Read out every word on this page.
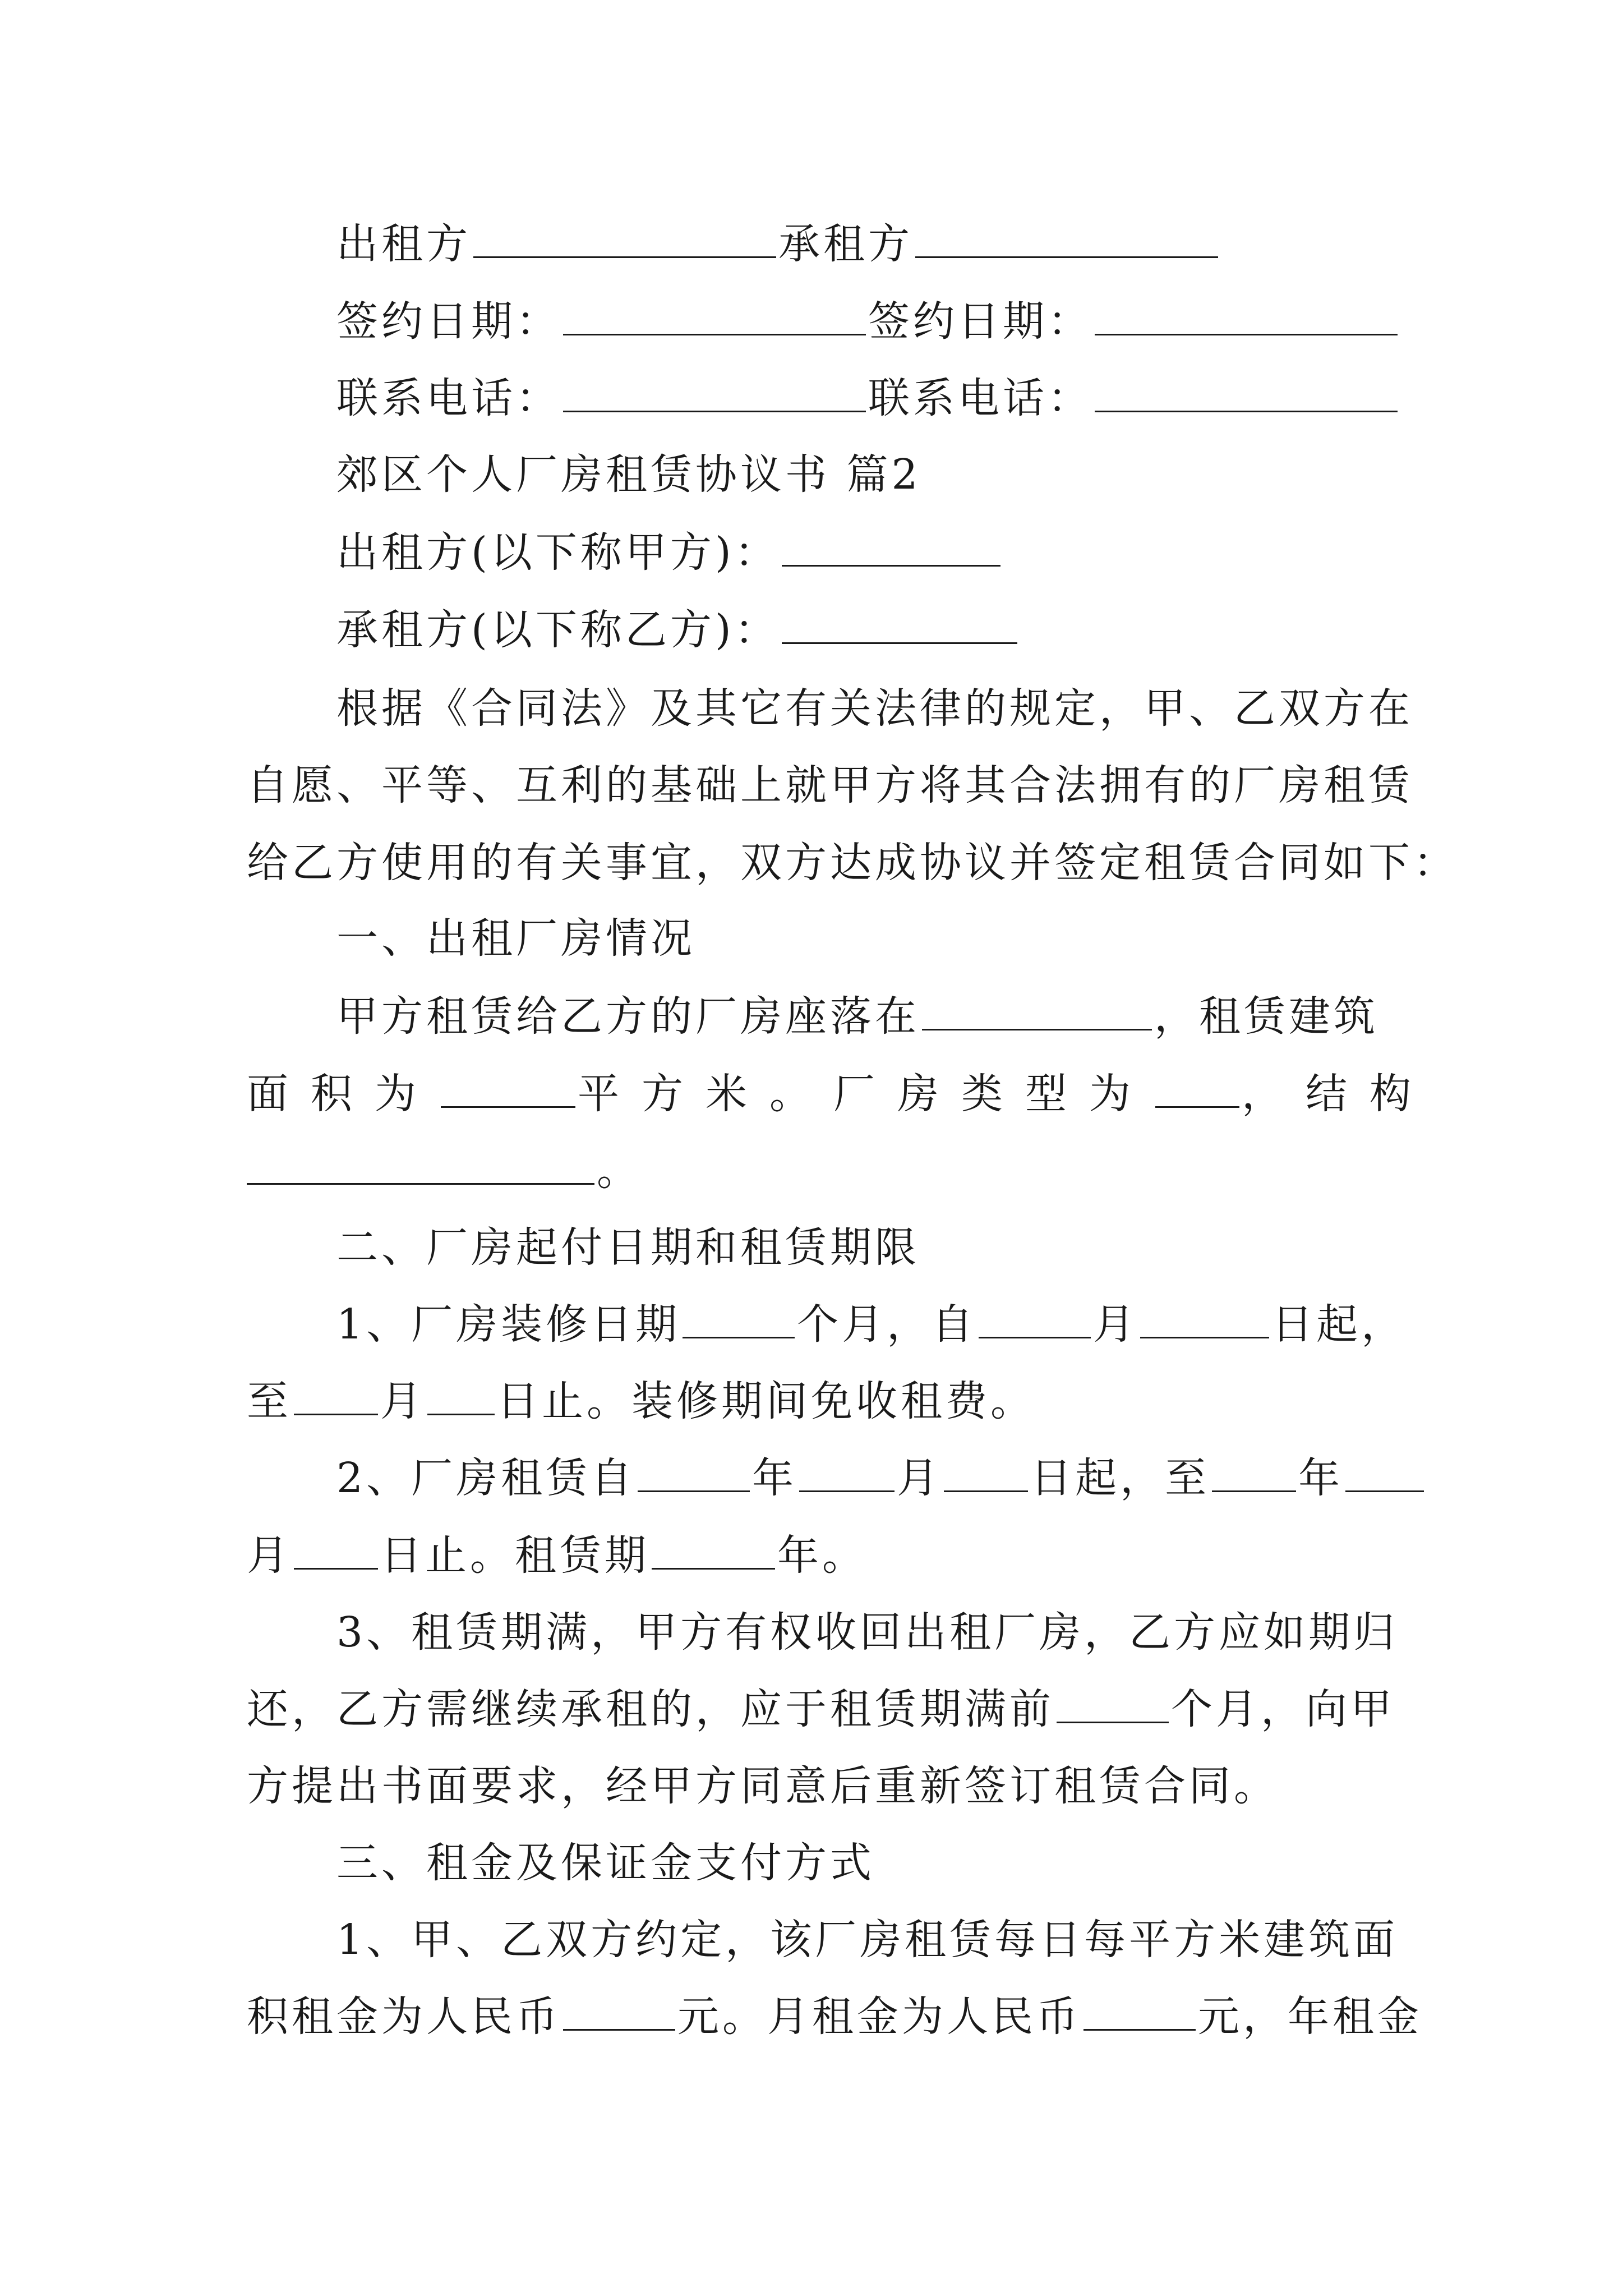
出租方	承租方
签约日期：	签约日期：
联系电话：	联系电话：
郊区个人厂房租赁协议书 篇2
出租方(以下称甲方)：
承租方(以下称乙方)：
根据《合同法》及其它有关法律的规定，甲、乙双方在
自愿、平等、互利的基础上就甲方将其合法拥有的厂房租赁
给乙方使用的有关事宜，双方达成协议并签定租赁合同如下：
一、出租厂房情况
甲方租赁给乙方的厂房座落在	，租赁建筑
面积为	平方米。厂房类型为 ，结构
。
二、厂房起付日期和租赁期限
1、厂房装修日期	个月，自	月	日起，
至 月 日止。装修期间免收租费。
2、厂房租赁自	年 月 日起，至 年
月 日止。租赁期	年。
3、租赁期满，甲方有权收回出租厂房，乙方应如期归
还，乙方需继续承租的，应于租赁期满前	个月，向甲
方提出书面要求，经甲方同意后重新签订租赁合同。
三、租金及保证金支付方式
1、甲、乙双方约定，该厂房租赁每日每平方米建筑面
积租金为人民币	元。月租金为人民币	元，年租金
